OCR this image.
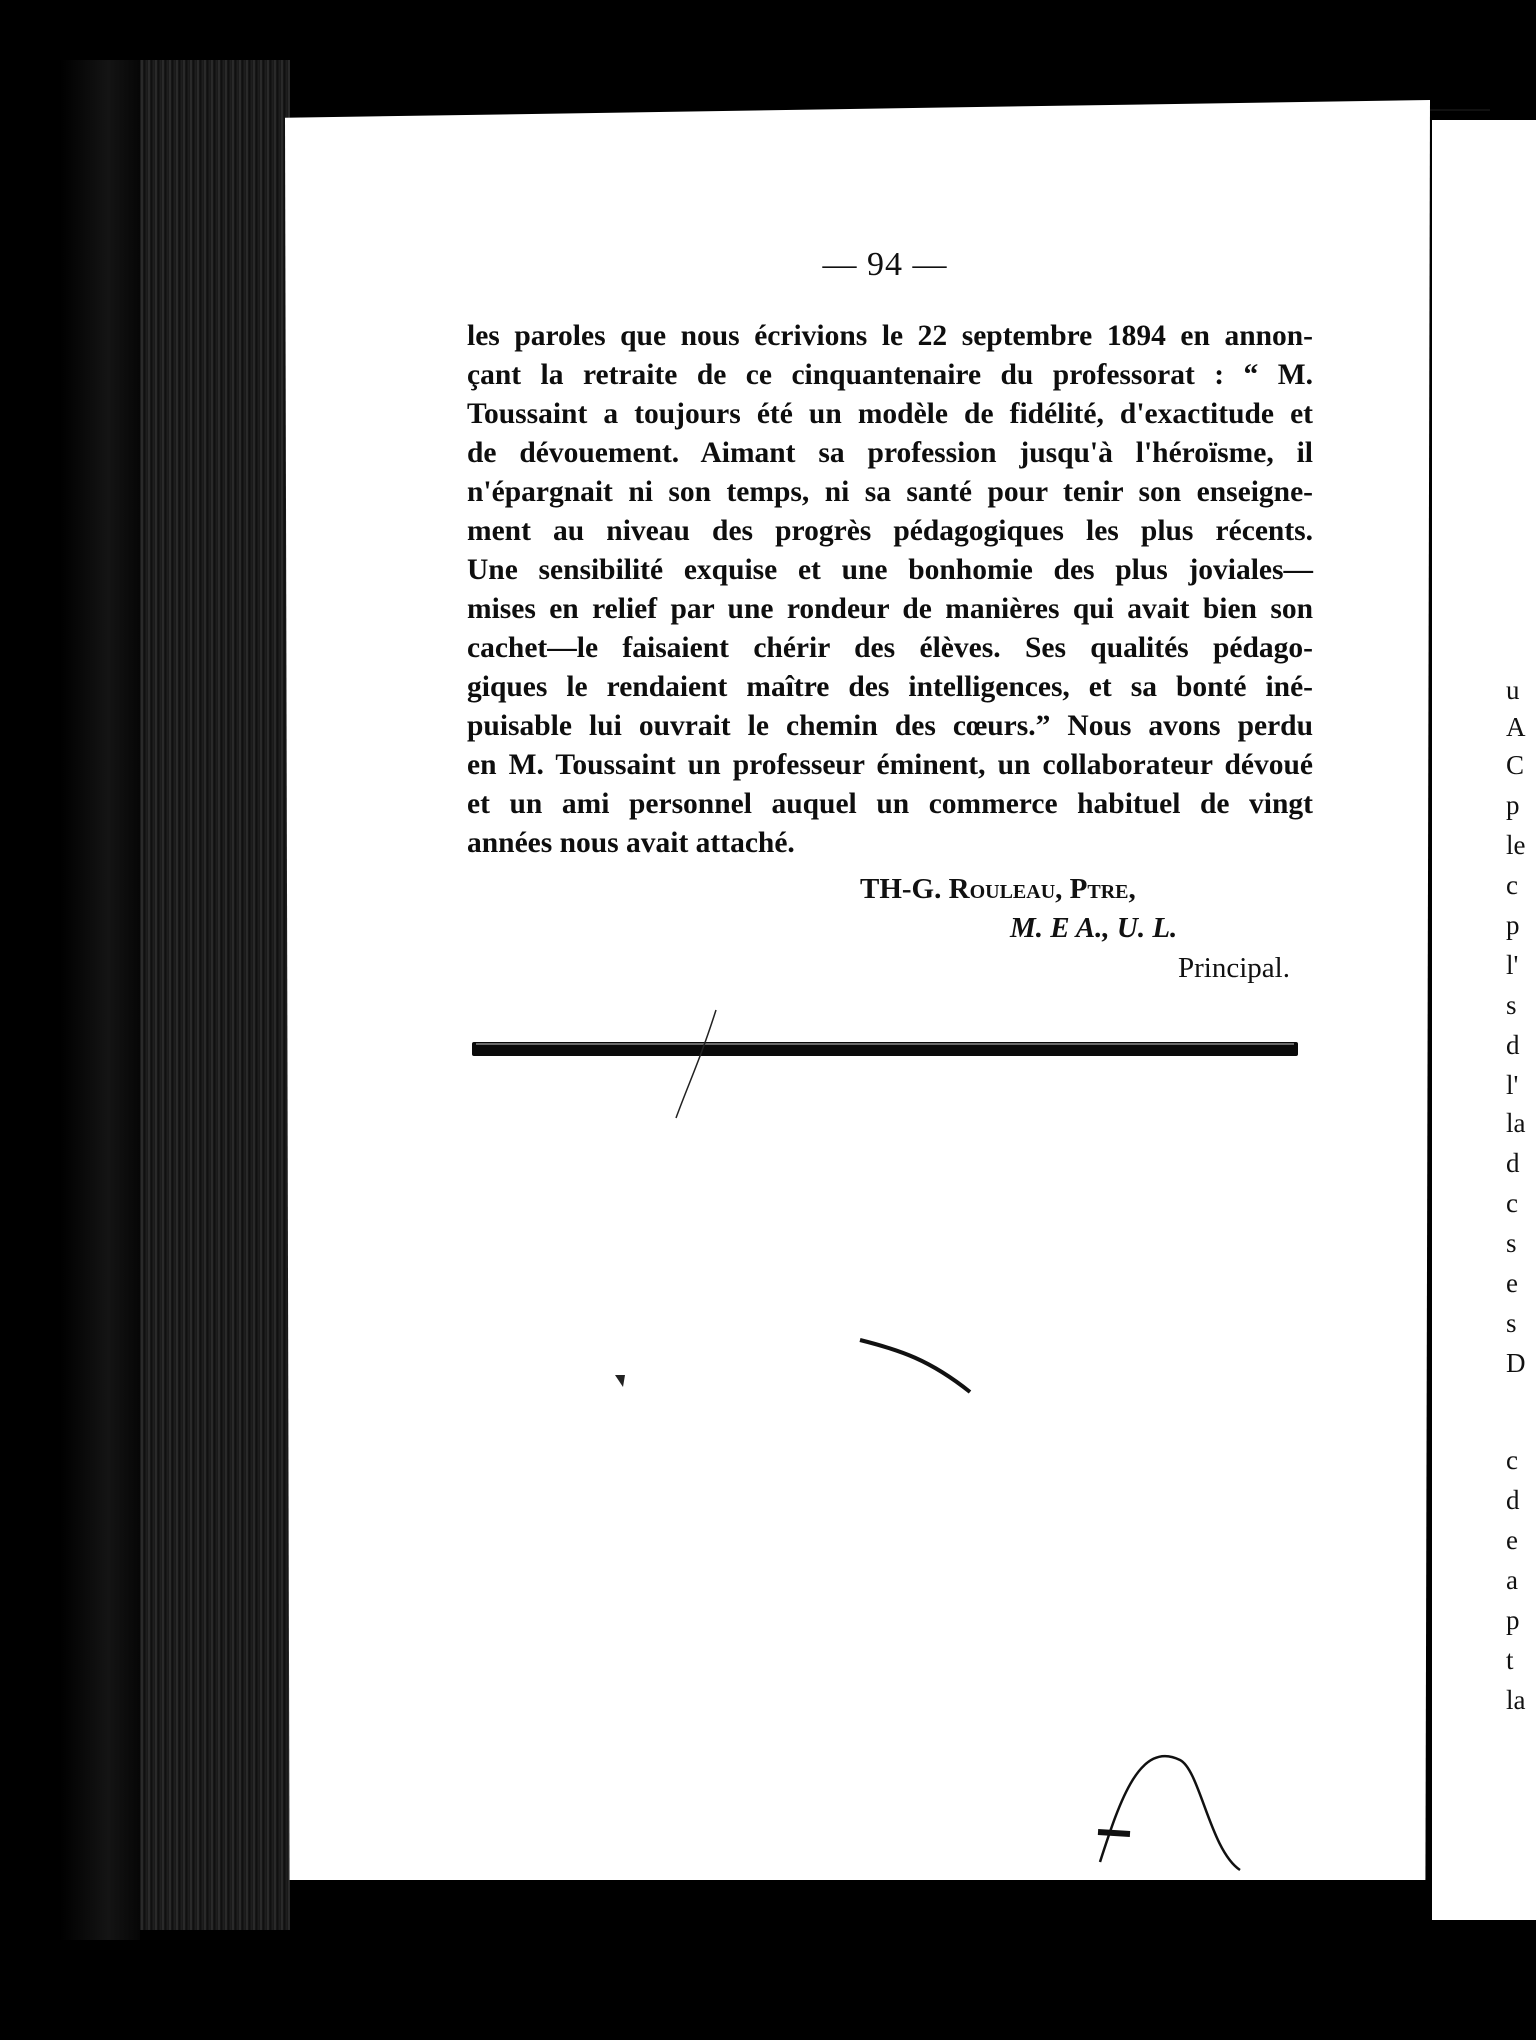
— 94 —
les paroles que nous écrivions le 22 septembre 1894 en annon-
çant la retraite de ce cinquantenaire du professorat : “ M.
Toussaint a toujours été un modèle de fidélité, d'exactitude et
de dévouement. Aimant sa profession jusqu'à l'héroïsme, il
n'épargnait ni son temps, ni sa santé pour tenir son enseigne-
ment au niveau des progrès pédagogiques les plus récents.
Une sensibilité exquise et une bonhomie des plus joviales—
mises en relief par une rondeur de manières qui avait bien son
cachet—le faisaient chérir des élèves. Ses qualités pédago-
giques le rendaient maître des intelligences, et sa bonté iné-
puisable lui ouvrait le chemin des cœurs.” Nous avons perdu
en M. Toussaint un professeur éminent, un collaborateur dévoué
et un ami personnel auquel un commerce habituel de vingt
années nous avait attaché.
TH-G. Rouleau, Ptre,
M. E A., U. L.
Principal.
u
A
C
p
le
c
p
l'
s
d
l'
la
d
c
s
e
s
D
c
d
e
a
p
t
la
